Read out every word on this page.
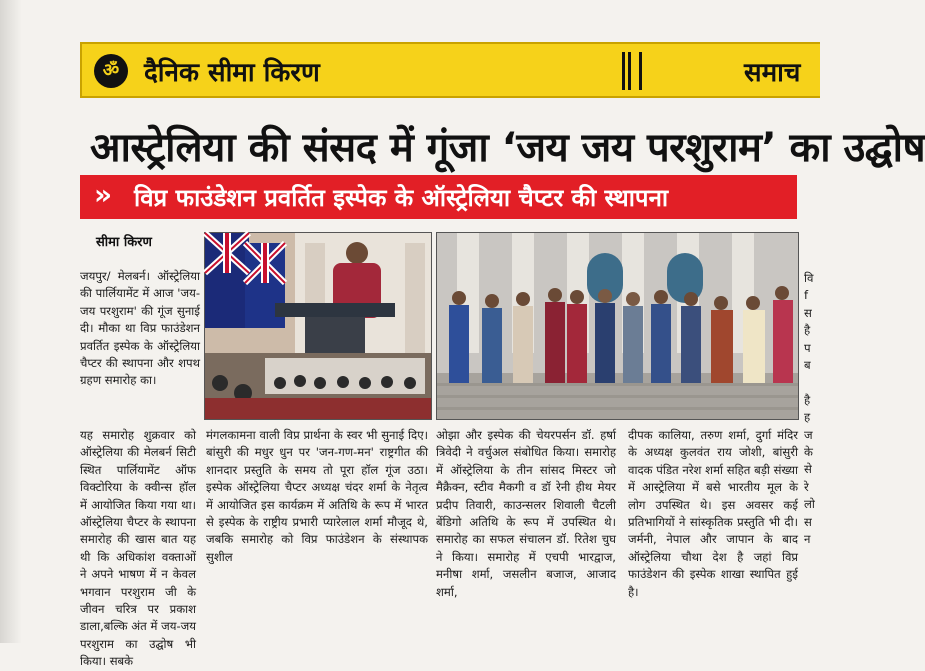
ॐ दैनिक सीमा किरण	समाच
आस्ट्रेलिया की संसद में गूंजा ‘जय जय परशुराम’ का उद्घोष
» विप्र फाउंडेशन प्रवर्तित इस्पेक के ऑस्ट्रेलिया चैप्टर की स्थापना
सीमा किरण

जयपुर/ मेलबर्न। ऑस्ट्रेलिया की पार्लियामेंट में आज 'जय- जय परशुराम' की गूंज सुनाई दी। मौका था विप्र फाउंडेशन प्रवर्तित इस्पेक के ऑस्ट्रेलिया चैप्टर की स्थापना और शपथ ग्रहण समारोह का।

यह समारोह शुक्रवार को ऑस्ट्रेलिया की मेलबर्न सिटी स्थित पार्लियामेंट ऑफ विक्टोरिया के क्वीन्स हॉल में आयोजित किया गया था। ऑस्ट्रेलिया चैप्टर के स्थापना समारोह की खास बात यह थी कि अधिकांश वक्ताओं ने अपने भाषण में न केवल भगवान परशुराम जी के जीवन चरित्र पर प्रकाश डाला,बल्कि अंत में जय-जय परशुराम का उद्घोष भी किया। सबके

मंगलकामना वाली विप्र प्रार्थना के स्वर भी सुनाई दिए। बांसुरी की मधुर धुन पर 'जन-गण-मन' राष्ट्रगीत की शानदार प्रस्तुति के समय तो पूरा हॉल गूंज उठा। इस्पेक ऑस्ट्रेलिया चैप्टर अध्यक्ष चंदर शर्मा के नेतृत्व में आयोजित इस कार्यक्रम में अतिथि के रूप में भारत से इस्पेक के राष्ट्रीय प्रभारी प्यारेलाल शर्मा मौजूद थे, जबकि समारोह को विप्र फाउंडेशन के संस्थापक सुशील

ओझा और इस्पेक की चेयरपर्सन डॉ. हर्षा त्रिवेदी ने वर्चुअल संबोधित किया। समारोह में ऑस्ट्रेलिया के तीन सांसद मिस्टर जो मैक्रैक्न, स्टीव मैकगी व डॉ रेनी हीथ मेयर प्रदीप तिवारी, काउन्सलर शिवाली चैटली बेंडिगो अतिथि के रूप में उपस्थित थे। समारोह का सफल संचालन डॉ. रितेश चुघ ने किया। समारोह में एचपी भारद्वाज, मनीषा शर्मा, जसलीन बजाज, आजाद शर्मा,

दीपक कालिया, तरुण शर्मा, दुर्गा मंदिर के अध्यक्ष कुलवंत राय जोशी, बांसुरी वादक पंडित नरेश शर्मा सहित बड़ी संख्या में आस्ट्रेलिया में बसे भारतीय मूल के लोग उपस्थित थे। इस अवसर कई प्रतिभागियों ने सांस्कृतिक प्रस्तुति भी दी। जर्मनी, नेपाल और जापान के बाद ऑस्ट्रेलिया चौथा देश है जहां विप्र फाउंडेशन की इस्पेक शाखा स्थापित हुई है।

वि
f
स
है
प
ब

है
ह
ज
के
से
रे
लो
स
न
